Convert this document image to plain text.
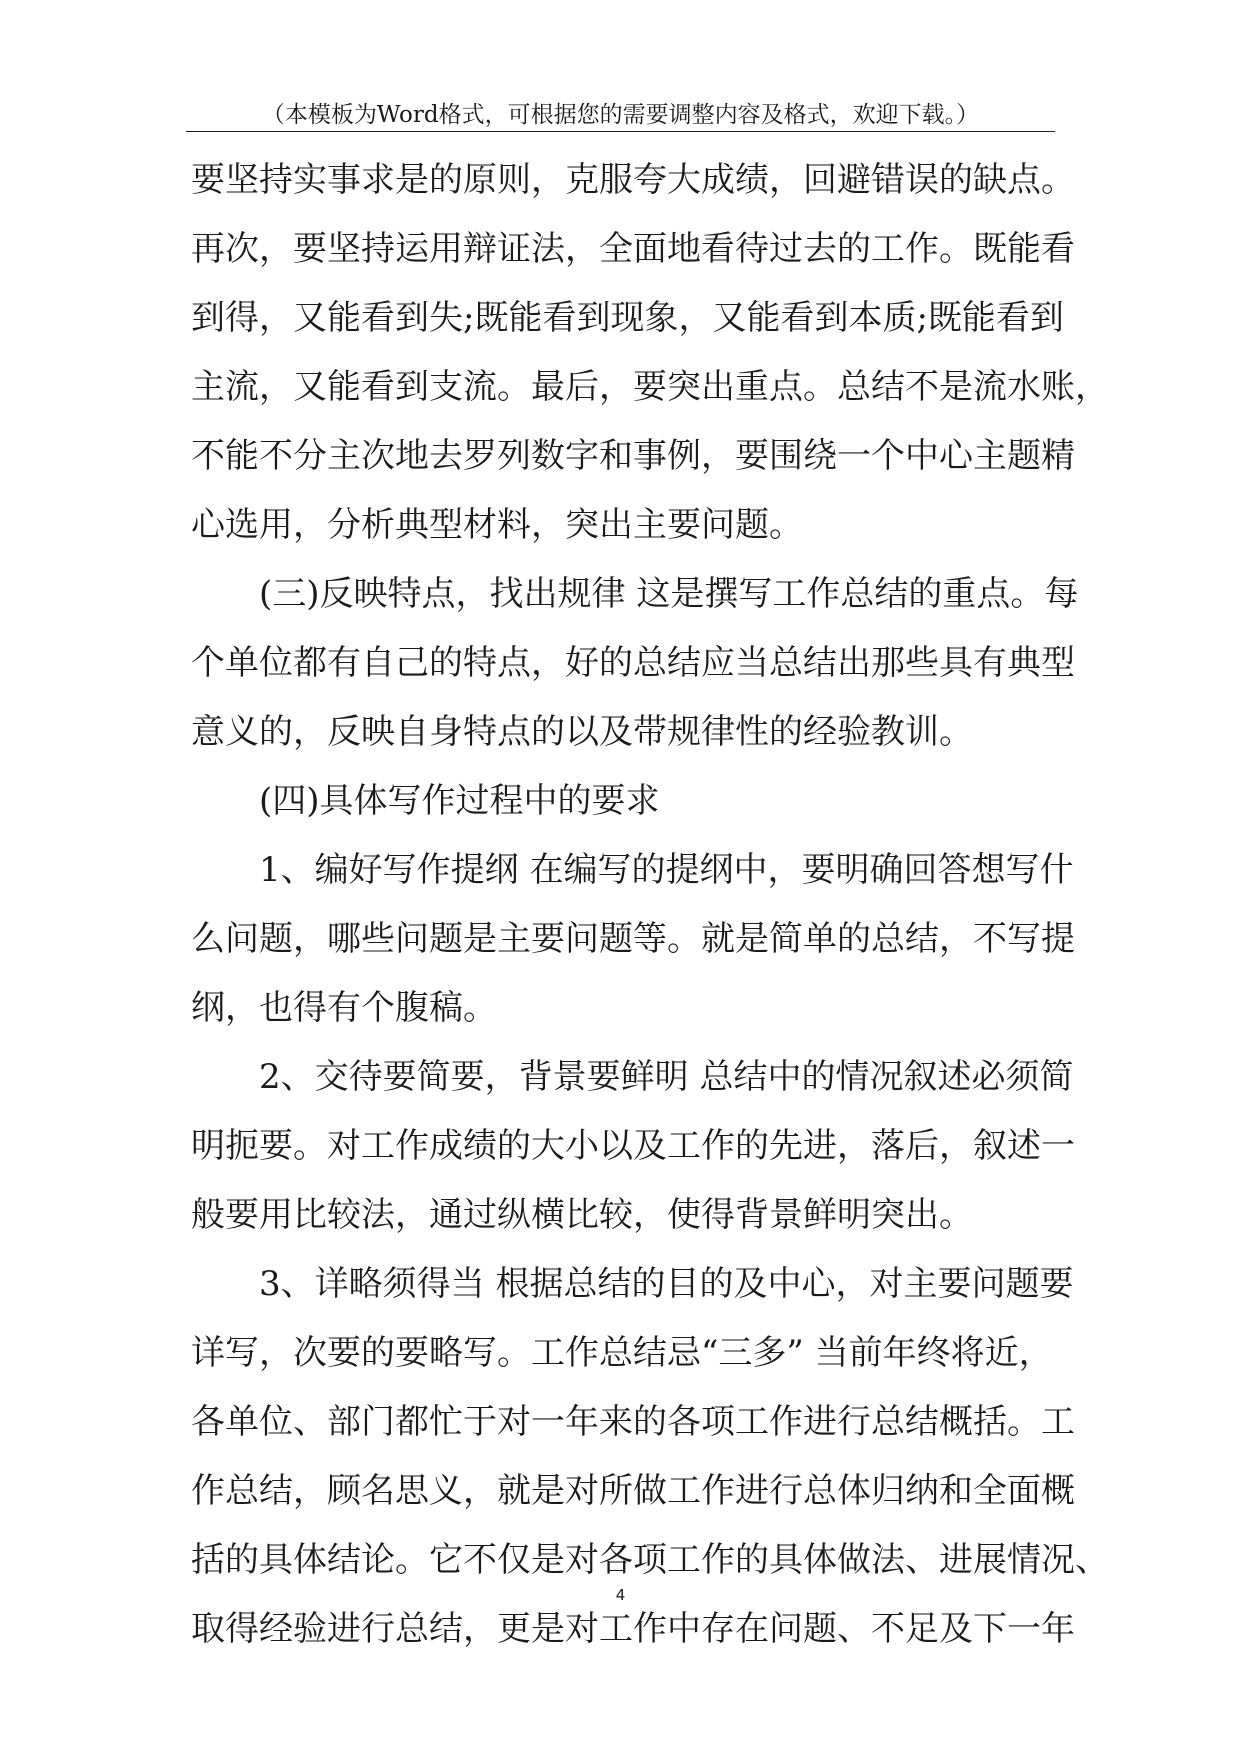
（本模板为Word格式，可根据您的需要调整内容及格式，欢迎下载。）
要坚持实事求是的原则，克服夸大成绩，回避错误的缺点。
再次，要坚持运用辩证法，全面地看待过去的工作。既能看
到得，又能看到失;既能看到现象，又能看到本质;既能看到
主流，又能看到支流。最后，要突出重点。总结不是流水账，
不能不分主次地去罗列数字和事例，要围绕一个中心主题精
心选用，分析典型材料，突出主要问题。
(三)反映特点，找出规律 这是撰写工作总结的重点。每
个单位都有自己的特点，好的总结应当总结出那些具有典型
意义的，反映自身特点的以及带规律性的经验教训。
(四)具体写作过程中的要求
1、编好写作提纲 在编写的提纲中，要明确回答想写什
么问题，哪些问题是主要问题等。就是简单的总结，不写提
纲，也得有个腹稿。
2、交待要简要，背景要鲜明 总结中的情况叙述必须简
明扼要。对工作成绩的大小以及工作的先进，落后，叙述一
般要用比较法，通过纵横比较，使得背景鲜明突出。
3、详略须得当 根据总结的目的及中心，对主要问题要
详写，次要的要略写。工作总结忌“三多” 当前年终将近，
各单位、部门都忙于对一年来的各项工作进行总结概括。工
作总结，顾名思义，就是对所做工作进行总体归纳和全面概
括的具体结论。它不仅是对各项工作的具体做法、进展情况、
取得经验进行总结，更是对工作中存在问题、不足及下一年
4
